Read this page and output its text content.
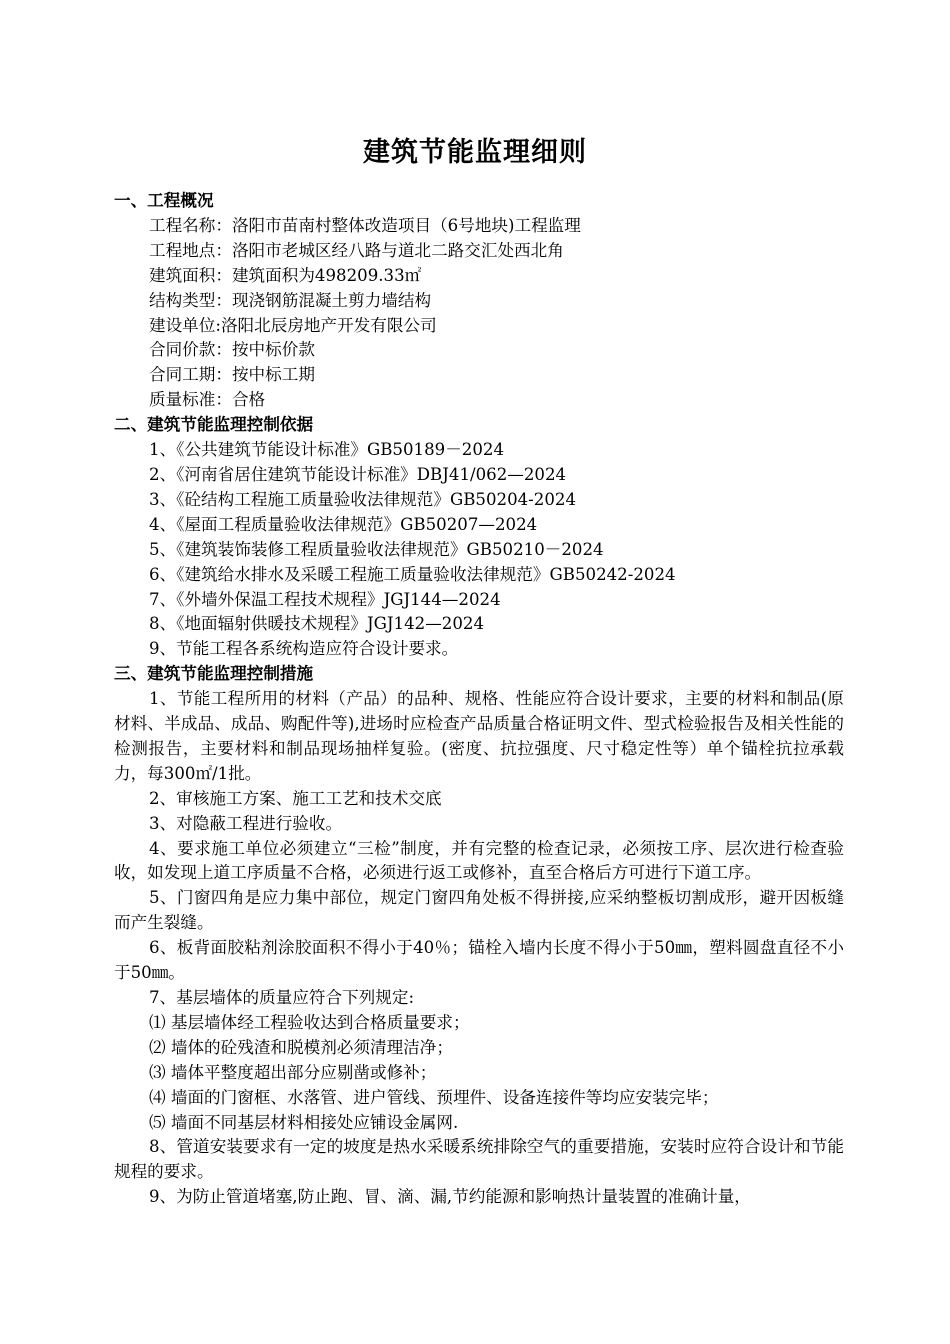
建筑节能监理细则
一、工程概况
工程名称：洛阳市苗南村整体改造项目（6号地块)工程监理
工程地点：洛阳市老城区经八路与道北二路交汇处西北角
建筑面积：建筑面积为498209.33㎡
结构类型：现浇钢筋混凝土剪力墙结构
建设单位:洛阳北辰房地产开发有限公司
合同价款：按中标价款
合同工期：按中标工期
质量标准：合格
二、建筑节能监理控制依据
1、《公共建筑节能设计标准》GB50189－2024
2、《河南省居住建筑节能设计标准》DBJ41/062—2024
3、《砼结构工程施工质量验收法律规范》GB50204-2024
4、《屋面工程质量验收法律规范》GB50207—2024
5、《建筑装饰装修工程质量验收法律规范》GB50210－2024
6、《建筑给水排水及采暖工程施工质量验收法律规范》GB50242-2024
7、《外墙外保温工程技术规程》JGJ144—2024
8、《地面辐射供暖技术规程》JGJ142—2024
9、节能工程各系统构造应符合设计要求。
三、建筑节能监理控制措施
1、节能工程所用的材料（产品）的品种、规格、性能应符合设计要求，主要的材料和制品(原材料、半成品、成品、购配件等),进场时应检查产品质量合格证明文件、型式检验报告及相关性能的检测报告，主要材料和制品现场抽样复验。(密度、抗拉强度、尺寸稳定性等）单个锚栓抗拉承载力，每300㎡/1批。
2、审核施工方案、施工工艺和技术交底
3、对隐蔽工程进行验收。
4、要求施工单位必须建立“三检”制度，并有完整的检查记录，必须按工序、层次进行检查验收，如发现上道工序质量不合格，必须进行返工或修补，直至合格后方可进行下道工序。
5、门窗四角是应力集中部位，规定门窗四角处板不得拼接,应采纳整板切割成形，避开因板缝而产生裂缝。
6、板背面胶粘剂涂胶面积不得小于40％；锚栓入墙内长度不得小于50㎜，塑料圆盘直径不小于50㎜。
7、基层墙体的质量应符合下列规定:
⑴ 基层墙体经工程验收达到合格质量要求；
⑵ 墙体的砼残渣和脱模剂必须清理洁净；
⑶ 墙体平整度超出部分应剔凿或修补；
⑷ 墙面的门窗框、水落管、进户管线、预埋件、设备连接件等均应安装完毕；
⑸ 墙面不同基层材料相接处应铺设金属网.
8、管道安装要求有一定的坡度是热水采暖系统排除空气的重要措施，安装时应符合设计和节能规程的要求。
9、为防止管道堵塞,防止跑、冒、滴、漏,节约能源和影响热计量装置的准确计量，
